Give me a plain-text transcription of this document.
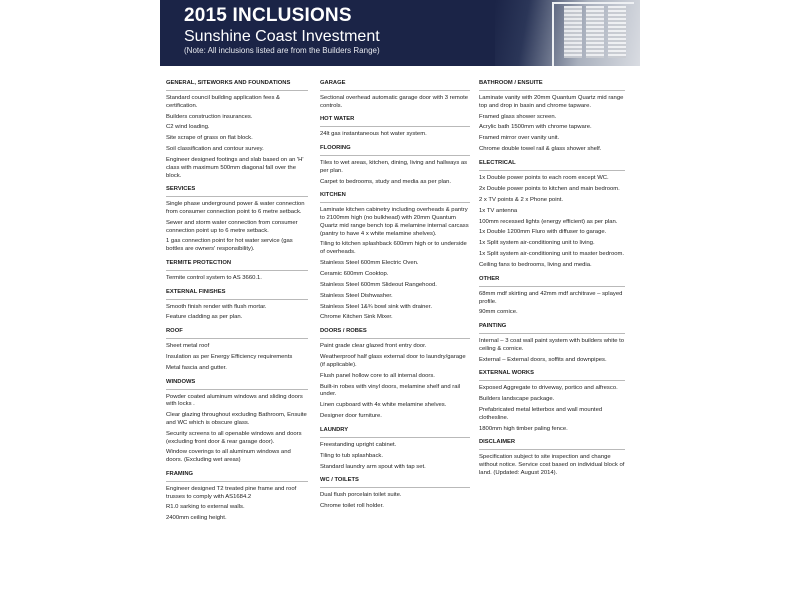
2015 INCLUSIONS
Sunshine Coast Investment
(Note: All inclusions listed are from the Builders Range)
GENERAL, SITEWORKS AND FOUNDATIONS
Standard council building application fees & certification.
Builders construction insurances.
C2 wind loading.
Site scrape of grass on flat block.
Soil classification and contour survey.
Engineer designed footings and slab based on an 'H' class with maximum 500mm diagonal fall over the block.
SERVICES
Single phase underground power & water connection from consumer connection point to 6 metre setback.
Sewer and storm water connection from consumer connection point up to 6 metre setback.
1 gas connection point for hot water service (gas bottles are owners' responsibility).
TERMITE PROTECTION
Termite control system to AS 3660.1.
EXTERNAL FINISHES
Smooth finish render with flush mortar.
Feature cladding as per plan.
ROOF
Sheet metal roof
Insulation as per Energy Efficiency requirements
Metal fascia and gutter.
WINDOWS
Powder coated aluminum windows and sliding doors with locks .
Clear glazing throughout excluding Bathroom, Ensuite and WC which is obscure glass.
Security screens to all openable windows and doors (excluding front door & rear garage door).
Window coverings to all aluminum windows and doors. (Excluding wet areas)
FRAMING
Engineer designed T2 treated pine frame and roof trusses to comply with AS1684.2
R1.0 sarking to external walls.
2400mm ceiling height.
GARAGE
Sectional overhead automatic garage door with 3 remote controls.
HOT WATER
24lt gas instantaneous hot water system.
FLOORING
Tiles to wet areas, kitchen, dining, living and hallways as per plan.
Carpet to bedrooms, study and media as per plan.
KITCHEN
Laminate kitchen cabinetry including overheads & pantry to 2100mm high (no bulkhead) with 20mm Quantum Quartz mid range bench top & melamine internal carcass (pantry to have 4 x white melamine shelves).
Tiling to kitchen splashback 600mm high or to underside of overheads.
Stainless Steel 600mm Electric Oven.
Ceramic 600mm Cooktop.
Stainless Steel 600mm Slideout Rangehood.
Stainless Steel Dishwasher.
Stainless Steel 1&¾ bowl sink with drainer.
Chrome Kitchen Sink Mixer.
DOORS / ROBES
Paint grade clear glazed front entry door.
Weatherproof half glass external door to laundry/garage (if applicable).
Flush panel hollow core to all internal doors.
Built-in robes with vinyl doors, melamine shelf and rail under.
Linen cupboard with 4x white melamine shelves.
Designer door furniture.
LAUNDRY
Freestanding upright cabinet.
Tiling to tub splashback.
Standard laundry arm spout with tap set.
WC / TOILETS
Dual flush porcelain toilet suite.
Chrome toilet roll holder.
BATHROOM / ENSUITE
Laminate vanity with 20mm Quantum Quartz mid range top and drop in basin and chrome tapware.
Framed glass shower screen.
Acrylic bath 1500mm with chrome tapware.
Framed mirror over vanity unit.
Chrome double towel rail & glass shower shelf.
ELECTRICAL
1x Double power points to each room except WC.
2x Double power points to kitchen and main bedroom.
2 x TV points & 2 x Phone point.
1x TV antenna
100mm recessed lights (energy efficient) as per plan.
1x Double 1200mm Fluro with diffuser to garage.
1x Split system air-conditioning unit to living.
1x Split system air-conditioning unit to master bedroom.
Ceiling fans to bedrooms, living and media.
OTHER
68mm mdf skirting and 42mm mdf architrave – splayed profile.
90mm cornice.
PAINTING
Internal – 3 coat wall paint system with builders white to ceiling & cornice.
External – External doors, soffits and downpipes.
EXTERNAL WORKS
Exposed Aggregate to driveway, portico and alfresco.
Builders landscape package.
Prefabricated metal letterbox and wall mounted clothesline.
1800mm high timber paling fence.
DISCLAIMER
Specification subject to site inspection and change without notice. Service cost based on individual block of land. (Updated: August 2014).
